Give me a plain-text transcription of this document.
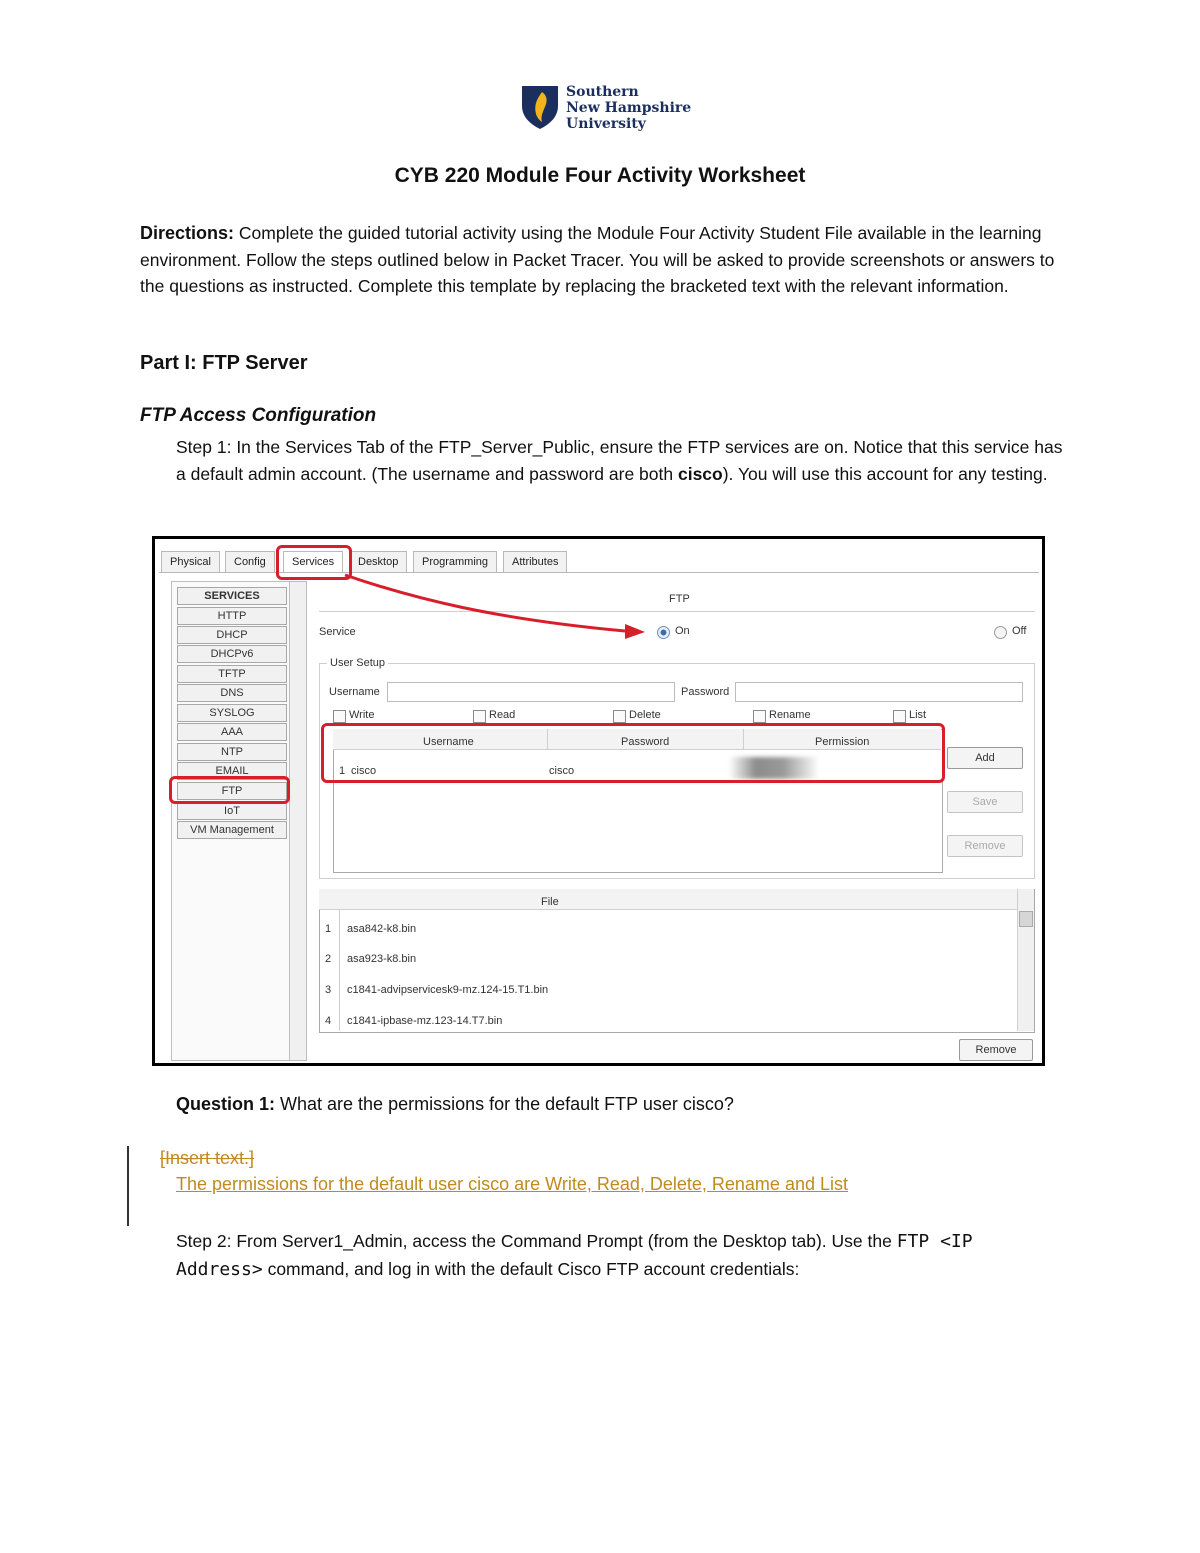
Southern
New Hampshire
University
CYB 220 Module Four Activity Worksheet
Directions: Complete the guided tutorial activity using the Module Four Activity Student File available in the learning environment. Follow the steps outlined below in Packet Tracer. You will be asked to provide screenshots or answers to the questions as instructed. Complete this template by replacing the bracketed text with the relevant information.
Part I: FTP Server
FTP Access Configuration
Step 1: In the Services Tab of the FTP_Server_Public, ensure the FTP services are on. Notice that this service has a default admin account. (The username and password are both cisco). You will use this account for any testing.
Physical	Config	Services	Desktop	Programming	Attributes
SERVICES
HTTP
DHCP
DHCPv6
TFTP
DNS
SYSLOG
AAA
NTP
EMAIL
FTP
IoT
VM Management
FTP
Service	On	Off
User Setup
Username	Password
Write	Read	Delete	Rename	List
Username	Password	Permission
1 cisco	cisco
Add
Save
Remove
File
1 asa842-k8.bin
2 asa923-k8.bin
3 c1841-advipservicesk9-mz.124-15.T1.bin
4 c1841-ipbase-mz.123-14.T7.bin
Remove
Question 1: What are the permissions for the default FTP user cisco?
[Insert text.]
The permissions for the default user cisco are Write, Read, Delete, Rename and List
Step 2: From Server1_Admin, access the Command Prompt (from the Desktop tab). Use the FTP <IP Address> command, and log in with the default Cisco FTP account credentials:
